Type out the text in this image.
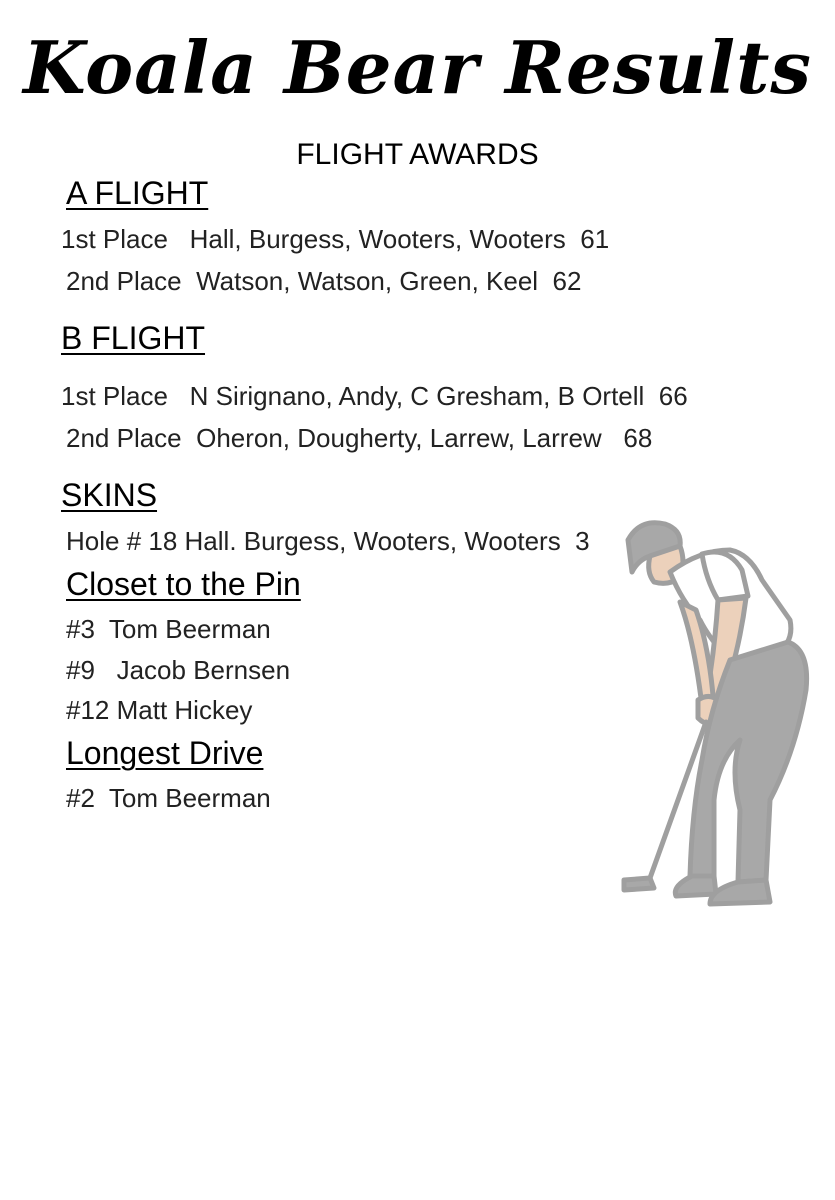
Koala Bear Results
FLIGHT AWARDS
A FLIGHT
1st Place   Hall, Burgess, Wooters, Wooters  61
2nd Place  Watson, Watson, Green, Keel  62
B FLIGHT
1st Place   N Sirignano, Andy, C Gresham, B Ortell  66
2nd Place  Oheron, Dougherty, Larrew, Larrew   68
SKINS
Hole # 18 Hall. Burgess, Wooters, Wooters  3
Closet to the Pin
#3  Tom Beerman
#9   Jacob Bernsen
#12 Matt Hickey
Longest Drive
#2  Tom Beerman
